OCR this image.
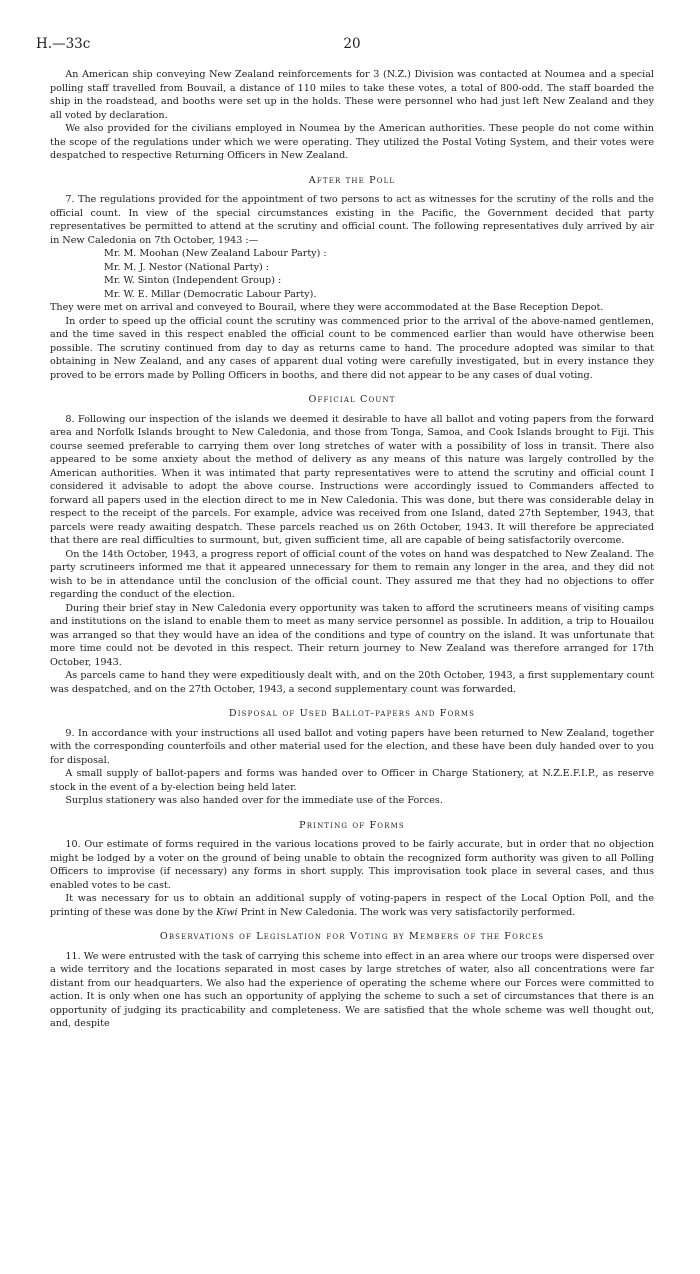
H.—33c	20

An American ship conveying New Zealand reinforcements for 3 (N.Z.) Division was contacted at Noumea and a special polling staff travelled from Bouvail, a distance of 110 miles to take these votes, a total of 800-odd. The staff boarded the ship in the roadstead, and booths were set up in the holds. These were personnel who had just left New Zealand and they all voted by declaration.

We also provided for the civilians employed in Noumea by the American authorities. These people do not come within the scope of the regulations under which we were operating. They utilized the Postal Voting System, and their votes were despatched to respective Returning Officers in New Zealand.

After the Poll

7. The regulations provided for the appointment of two persons to act as witnesses for the scrutiny of the rolls and the official count. In view of the special circumstances existing in the Pacific, the Government decided that party representatives be permitted to attend at the scrutiny and official count. The following representatives duly arrived by air in New Caledonia on 7th October, 1943 :—

Mr. M. Moohan (New Zealand Labour Party) :
Mr. M. J. Nestor (National Party) :
Mr. W. Sinton (Independent Group) :
Mr. W. E. Millar (Democratic Labour Party).

They were met on arrival and conveyed to Bourail, where they were accommodated at the Base Reception Depot.

In order to speed up the official count the scrutiny was commenced prior to the arrival of the above-named gentlemen, and the time saved in this respect enabled the official count to be commenced earlier than would have otherwise been possible. The scrutiny continued from day to day as returns came to hand. The procedure adopted was similar to that obtaining in New Zealand, and any cases of apparent dual voting were carefully investigated, but in every instance they proved to be errors made by Polling Officers in booths, and there did not appear to be any cases of dual voting.

Official Count

8. Following our inspection of the islands we deemed it desirable to have all ballot and voting papers from the forward area and Norfolk Islands brought to New Caledonia, and those from Tonga, Samoa, and Cook Islands brought to Fiji. This course seemed preferable to carrying them over long stretches of water with a possibility of loss in transit. There also appeared to be some anxiety about the method of delivery as any means of this nature was largely controlled by the American authorities. When it was intimated that party representatives were to attend the scrutiny and official count I considered it advisable to adopt the above course. Instructions were accordingly issued to Commanders affected to forward all papers used in the election direct to me in New Caledonia. This was done, but there was considerable delay in respect to the receipt of the parcels. For example, advice was received from one Island, dated 27th September, 1943, that parcels were ready awaiting despatch. These parcels reached us on 26th October, 1943. It will therefore be appreciated that there are real difficulties to surmount, but, given sufficient time, all are capable of being satisfactorily overcome.

On the 14th October, 1943, a progress report of official count of the votes on hand was despatched to New Zealand. The party scrutineers informed me that it appeared unnecessary for them to remain any longer in the area, and they did not wish to be in attendance until the conclusion of the official count. They assured me that they had no objections to offer regarding the conduct of the election.

During their brief stay in New Caledonia every opportunity was taken to afford the scrutineers means of visiting camps and institutions on the island to enable them to meet as many service personnel as possible. In addition, a trip to Houailou was arranged so that they would have an idea of the conditions and type of country on the island. It was unfortunate that more time could not be devoted in this respect. Their return journey to New Zealand was therefore arranged for 17th October, 1943.

As parcels came to hand they were expeditiously dealt with, and on the 20th October, 1943, a first supplementary count was despatched, and on the 27th October, 1943, a second supplementary count was forwarded.

Disposal of Used Ballot-papers and Forms

9. In accordance with your instructions all used ballot and voting papers have been returned to New Zealand, together with the corresponding counterfoils and other material used for the election, and these have been duly handed over to you for disposal.

A small supply of ballot-papers and forms was handed over to Officer in Charge Stationery, at N.Z.E.F.I.P., as reserve stock in the event of a by-election being held later.

Surplus stationery was also handed over for the immediate use of the Forces.

Printing of Forms

10. Our estimate of forms required in the various locations proved to be fairly accurate, but in order that no objection might be lodged by a voter on the ground of being unable to obtain the recognized form authority was given to all Polling Officers to improvise (if necessary) any forms in short supply. This improvisation took place in several cases, and thus enabled votes to be cast.

It was necessary for us to obtain an additional supply of voting-papers in respect of the Local Option Poll, and the printing of these was done by the Kiwi Print in New Caledonia. The work was very satisfactorily performed.

Observations of Legislation for Voting by Members of the Forces

11. We were entrusted with the task of carrying this scheme into effect in an area where our troops were dispersed over a wide territory and the locations separated in most cases by large stretches of water, also all concentrations were far distant from our headquarters. We also had the experience of operating the scheme where our Forces were committed to action. It is only when one has such an opportunity of applying the scheme to such a set of circumstances that there is an opportunity of judging its practicability and completeness. We are satisfied that the whole scheme was well thought out, and, despite
